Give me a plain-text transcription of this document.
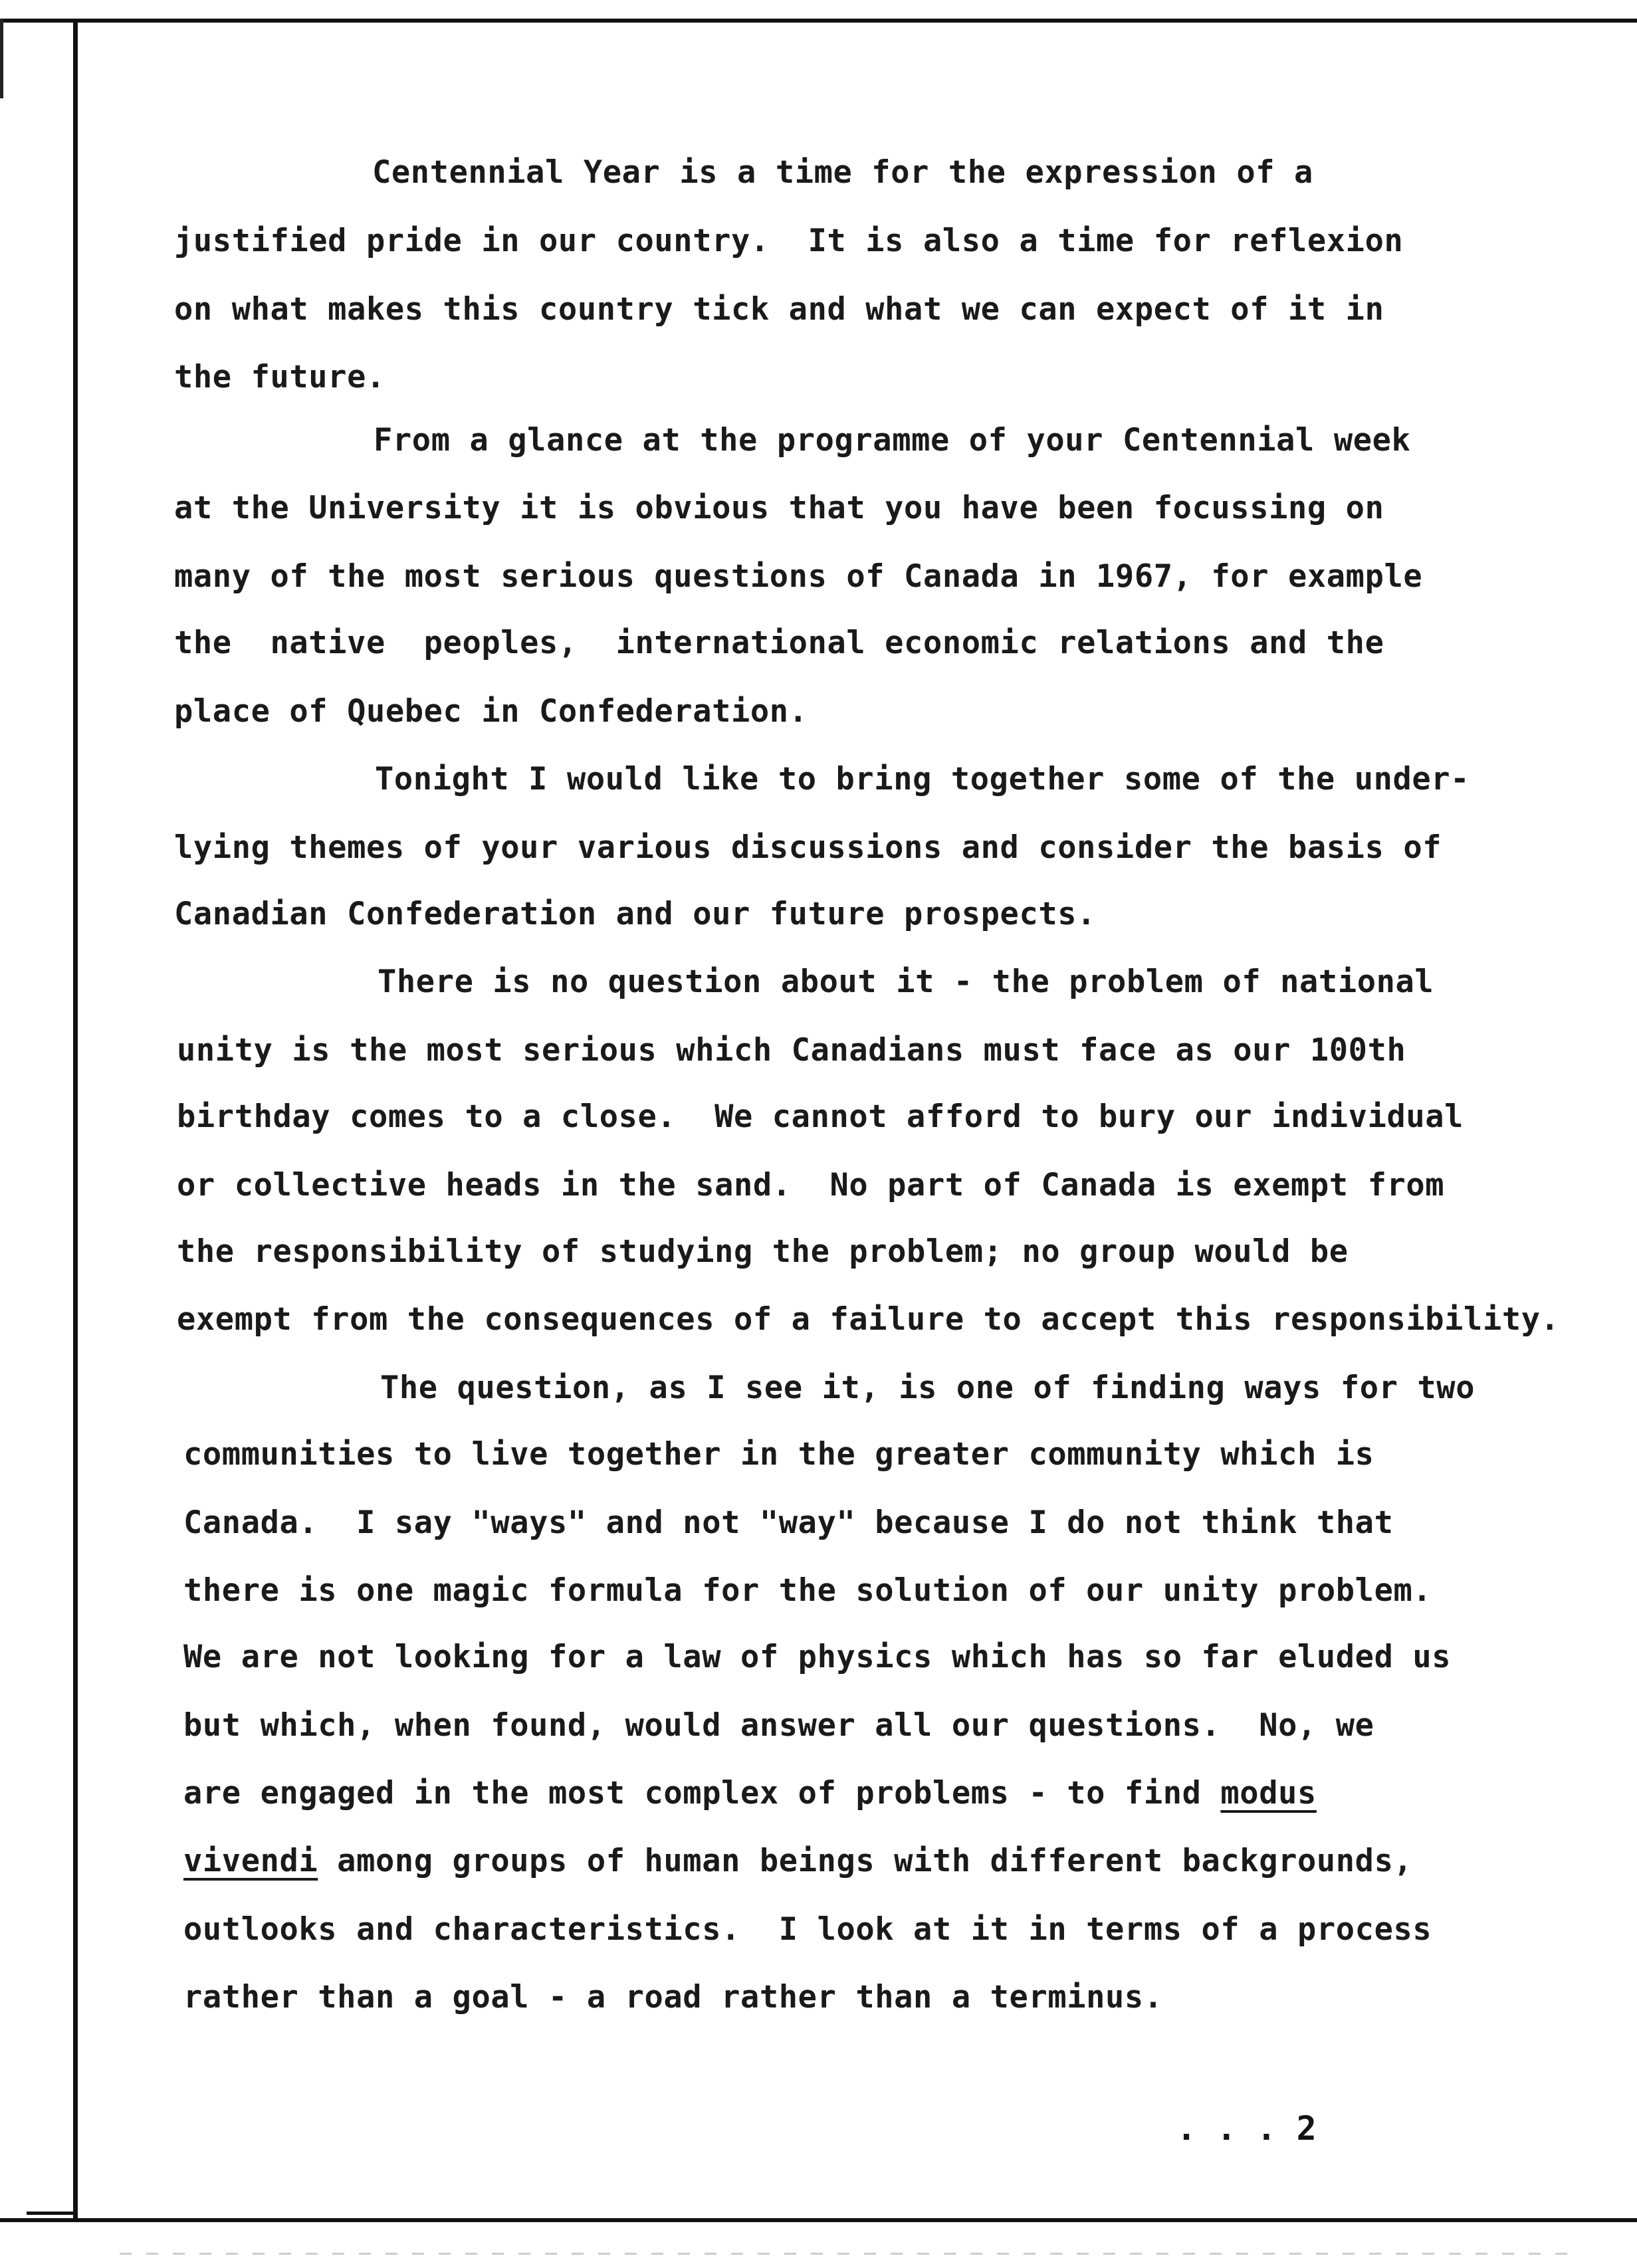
Centennial Year is a time for the expression of a
justified pride in our country.  It is also a time for reflexion
on what makes this country tick and what we can expect of it in
the future.
From a glance at the programme of your Centennial week
at the University it is obvious that you have been focussing on
many of the most serious questions of Canada in 1967, for example
the  native  peoples,  international economic relations and the
place of Quebec in Confederation.
Tonight I would like to bring together some of the under-
lying themes of your various discussions and consider the basis of
Canadian Confederation and our future prospects.
There is no question about it - the problem of national
unity is the most serious which Canadians must face as our 100th
birthday comes to a close.  We cannot afford to bury our individual
or collective heads in the sand.  No part of Canada is exempt from
the responsibility of studying the problem; no group would be
exempt from the consequences of a failure to accept this responsibility.
The question, as I see it, is one of finding ways for two
communities to live together in the greater community which is
Canada.  I say "ways" and not "way" because I do not think that
there is one magic formula for the solution of our unity problem.
We are not looking for a law of physics which has so far eluded us
but which, when found, would answer all our questions.  No, we
are engaged in the most complex of problems - to find modus
vivendi among groups of human beings with different backgrounds,
outlooks and characteristics.  I look at it in terms of a process
rather than a goal - a road rather than a terminus.
. . . 2
